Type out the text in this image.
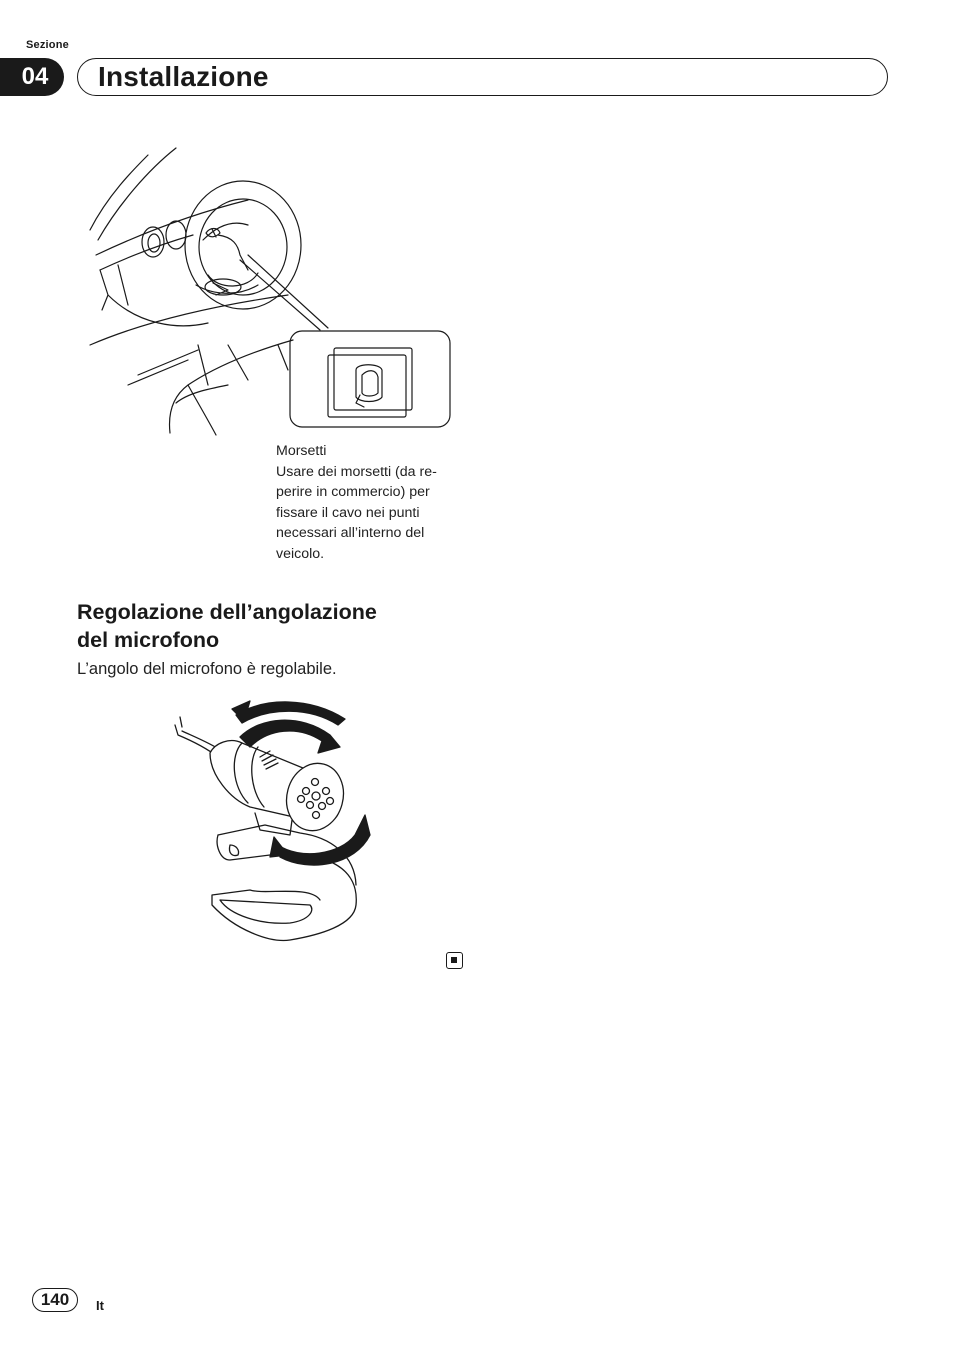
Sezione
04	Installazione
Morsetti
Usare dei morsetti (da re-
perire in commercio) per
fissare il cavo nei punti
necessari all’interno del
veicolo.
Regolazione dell’angolazione
del microfono
L’angolo del microfono è regolabile.
140	It
